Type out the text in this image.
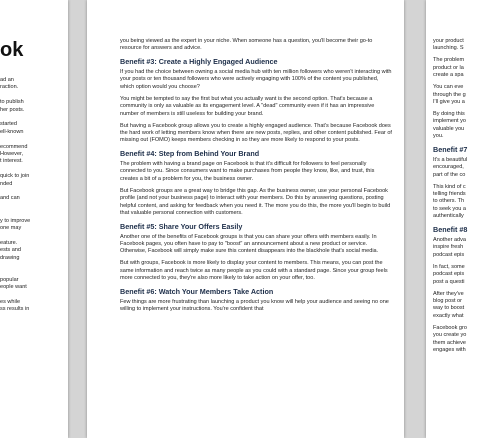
ok
ad an
raction.
to publish
her posts.
started
ell-known
ecommend
However,
t interest.
quick to join
nded
and can
y to improve
one may
eature.
ests and
drawing
popular
eople want
es while
ss results in
you being viewed as the expert in your niche. When someone has a question, you'll become their go-to resource for answers and advice.
Benefit #3: Create a Highly Engaged Audience
If you had the choice between owning a social media hub with ten million followers who weren't interacting with your posts or ten thousand followers who were actively engaging with 100% of the content you published, which option would you choose?
You might be tempted to say the first but what you actually want is the second option. That's because a community is only as valuable as its engagement level. A "dead" community even if it has an impressive number of members is still useless for building your brand.
But having a Facebook group allows you to create a highly engaged audience. That's because Facebook does the hard work of letting members know when there are new posts, replies, and other content published. Fear of missing out (FOMO) keeps members checking in so they are more likely to respond to your posts.
Benefit #4: Step from Behind Your Brand
The problem with having a brand page on Facebook is that it's difficult for followers to feel personally connected to you. Since consumers want to make purchases from people they know, like, and trust, this creates a bit of a problem for you, the business owner.
But Facebook groups are a great way to bridge this gap. As the business owner, use your personal Facebook profile (and not your business page) to interact with your members. Do this by answering questions, posting helpful content, and asking for feedback when you need it. The more you do this, the more you'll begin to build that valuable personal connection with customers.
Benefit #5: Share Your Offers Easily
Another one of the benefits of Facebook groups is that you can share your offers with members easily. In Facebook pages, you often have to pay to "boost" an announcement about a new product or service. Otherwise, Facebook will simply make sure this content disappears into the blackhole that's social media.
But with groups, Facebook is more likely to display your content to members. This means, you can post the same information and reach twice as many people as you could with a standard page. Since your group feels more connected to you, they're also more likely to take action on your offer, too.
Benefit #6: Watch Your Members Take Action
Few things are more frustrating than launching a product you know will help your audience and seeing no one willing to implement your instructions. You're confident that
your product
launching. S
The problem
product or la
create a spa
You can eve
through the g
I'll give you a
By doing this
implement yo
valuable you
you.
Benefit #7
It's a beautiful
encouraged,
part of the co
This kind of c
telling friends
to others. Th
to seek you a
authentically
Benefit #8
Another adva
inspire fresh
podcast epis
In fact, some
podcast epis
post a questi
After they've
blog post or
way to boost
exactly what
Facebook gro
you create yo
them achieve
engages with
